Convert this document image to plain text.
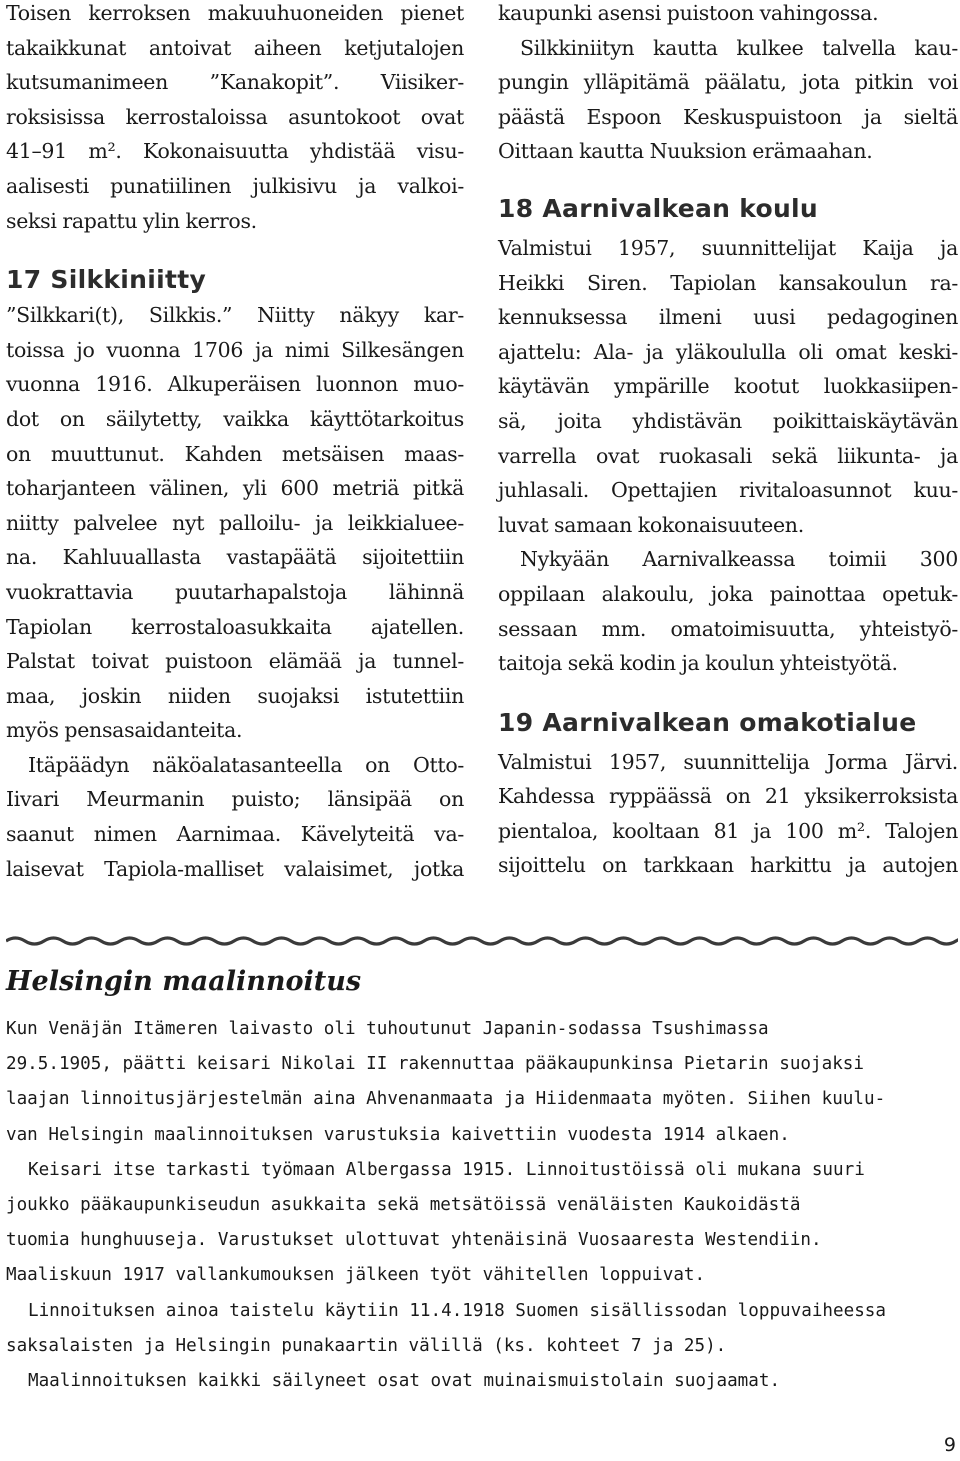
Toisen kerroksen makuuhuoneiden pienet
takaikkunat antoivat aiheen ketjutalojen
kutsumanimeen ”Kanakopit”. Viisiker-
roksisissa kerrostaloissa asuntokoot ovat
41–91 m². Kokonaisuutta yhdistää visu-
aalisesti punatiilinen julkisivu ja valkoi-
seksi rapattu ylin kerros.
17 Silkkiniitty
”Silkkari(t), Silkkis.” Niitty näkyy kar-
toissa jo vuonna 1706 ja nimi Silkesängen
vuonna 1916. Alkuperäisen luonnon muo-
dot on säilytetty, vaikka käyttötarkoitus
on muuttunut. Kahden metsäisen maas-
toharjanteen välinen, yli 600 metriä pitkä
niitty palvelee nyt palloilu- ja leikkialuee-
na. Kahluuallasta vastapäätä sijoitettiin
vuokrattavia puutarhapalstoja lähinnä
Tapiolan kerrostaloasukkaita ajatellen.
Palstat toivat puistoon elämää ja tunnel-
maa, joskin niiden suojaksi istutettiin
myös pensasaidanteita.
Itäpäädyn näköalatasanteella on Otto-
Iivari Meurmanin puisto; länsipää on
saanut nimen Aarnimaa. Kävelyteitä va-
laisevat Tapiola-malliset valaisimet, jotka
kaupunki asensi puistoon vahingossa.
Silkkiniityn kautta kulkee talvella kau-
pungin ylläpitämä päälatu, jota pitkin voi
päästä Espoon Keskuspuistoon ja sieltä
Oittaan kautta Nuuksion erämaahan.
18 Aarnivalkean koulu
Valmistui 1957, suunnittelijat Kaija ja
Heikki Siren. Tapiolan kansakoulun ra-
kennuksessa ilmeni uusi pedagoginen
ajattelu: Ala- ja yläkoululla oli omat keski-
käytävän ympärille kootut luokkasiipen-
sä, joita yhdistävän poikittaiskäytävän
varrella ovat ruokasali sekä liikunta- ja
juhlasali. Opettajien rivitaloasunnot kuu-
luvat samaan kokonaisuuteen.
Nykyään Aarnivalkeassa toimii 300
oppilaan alakoulu, joka painottaa opetuk-
sessaan mm. omatoimisuutta, yhteistyö-
taitoja sekä kodin ja koulun yhteistyötä.
19 Aarnivalkean omakotialue
Valmistui 1957, suunnittelija Jorma Järvi.
Kahdessa ryppäässä on 21 yksikerroksista
pientaloa, kooltaan 81 ja 100 m². Talojen
sijoittelu on tarkkaan harkittu ja autojen
Helsingin maalinnoitus
Kun Venäjän Itämeren laivasto oli tuhoutunut Japanin-sodassa Tsushimassa
29.5.1905, päätti keisari Nikolai II rakennuttaa pääkaupunkinsa Pietarin suojaksi
laajan linnoitusjärjestelmän aina Ahvenanmaata ja Hiidenmaata myöten. Siihen kuulu-
van Helsingin maalinnoituksen varustuksia kaivettiin vuodesta 1914 alkaen.
Keisari itse tarkasti työmaan Albergassa 1915. Linnoitustöissä oli mukana suuri
joukko pääkaupunkiseudun asukkaita sekä metsätöissä venäläisten Kaukoidästä
tuomia hunghuuseja. Varustukset ulottuvat yhtenäisinä Vuosaaresta Westendiin.
Maaliskuun 1917 vallankumouksen jälkeen työt vähitellen loppuivat.
Linnoituksen ainoa taistelu käytiin 11.4.1918 Suomen sisällissodan loppuvaiheessa
saksalaisten ja Helsingin punakaartin välillä (ks. kohteet 7 ja 25).
Maalinnoituksen kaikki säilyneet osat ovat muinaismuistolain suojaamat.
9
